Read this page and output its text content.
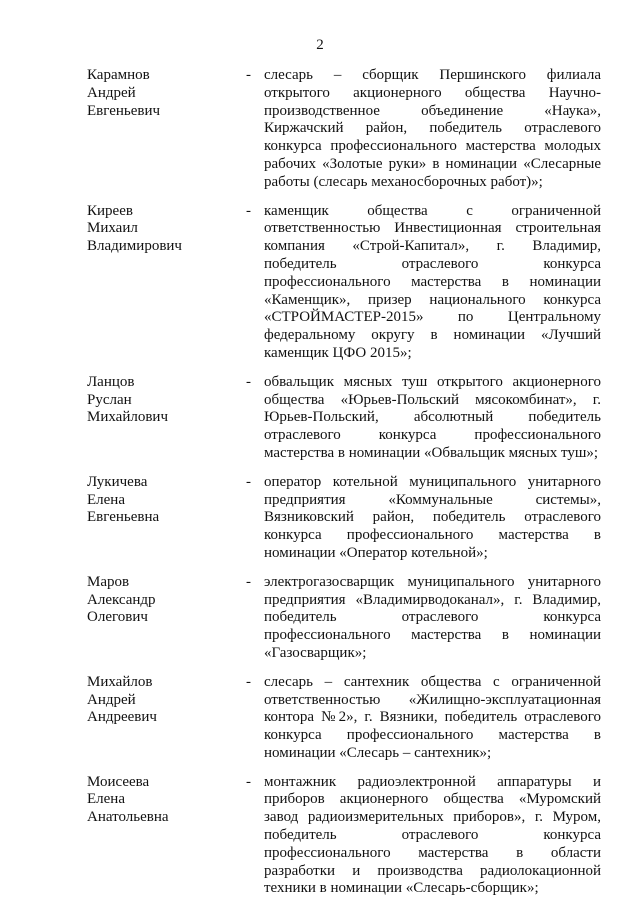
2
Карамнов
Андрей
Евгеньевич
- слесарь – сборщик Першинского филиала открытого акционерного общества Научно-производственное объединение «Наука», Киржачский район, победитель отраслевого конкурса профессионального мастерства молодых рабочих «Золотые руки» в номинации «Слесарные работы (слесарь механосборочных работ)»;
Киреев
Михаил
Владимирович
- каменщик общества с ограниченной ответственностью Инвестиционная строительная компания «Строй-Капитал», г. Владимир, победитель отраслевого конкурса профессионального мастерства в номинации «Каменщик», призер национального конкурса «СТРОЙМАСТЕР-2015» по Центральному федеральному округу в номинации «Лучший каменщик ЦФО 2015»;
Ланцов
Руслан
Михайлович
- обвальщик мясных туш открытого акционерного общества «Юрьев-Польский мясокомбинат», г. Юрьев-Польский, абсолютный победитель отраслевого конкурса профессионального мастерства в номинации «Обвальщик мясных туш»;
Лукичева
Елена
Евгеньевна
- оператор котельной муниципального унитарного предприятия «Коммунальные системы», Вязниковский район, победитель отраслевого конкурса профессионального мастерства в номинации «Оператор котельной»;
Маров
Александр
Олегович
- электрогазосварщик муниципального унитарного предприятия «Владимирводоканал», г. Владимир, победитель отраслевого конкурса профессионального мастерства в номинации «Газосварщик»;
Михайлов
Андрей
Андреевич
- слесарь – сантехник общества с ограниченной ответственностью «Жилищно-эксплуатационная контора №2», г. Вязники, победитель отраслевого конкурса профессионального мастерства в номинации «Слесарь – сантехник»;
Моисеева
Елена
Анатольевна
- монтажник радиоэлектронной аппаратуры и приборов акционерного общества «Муромский завод радиоизмерительных приборов», г. Муром, победитель отраслевого конкурса профессионального мастерства в области разработки и производства радиолокационной техники в номинации «Слесарь-сборщик»;
